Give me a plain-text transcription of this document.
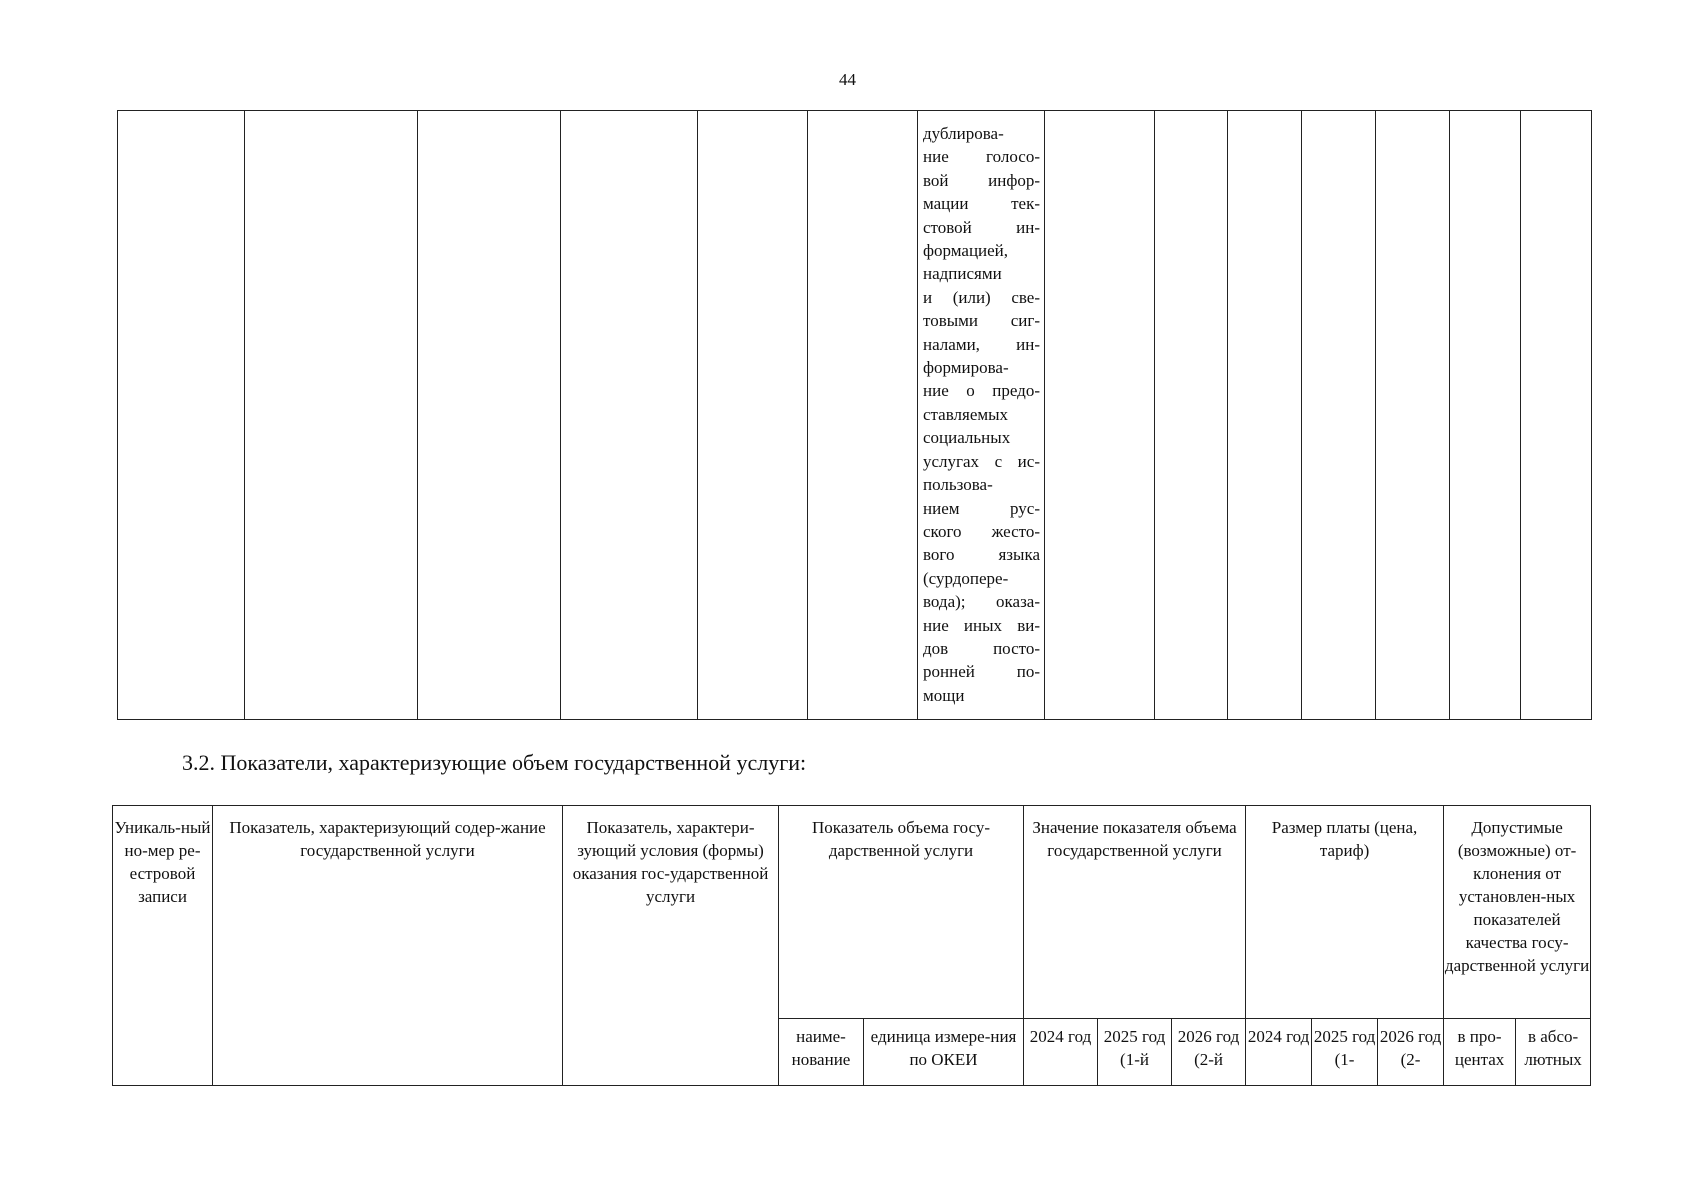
44

дублирова-
ние голосо-
вой инфор-
мации тек-
стовой ин-
формацией,
надписями
и (или) све-
товыми сиг-
налами, ин-
формирова-
ние о предо-
ставляемых
социальных
услугах с ис-
пользова-
нием рус-
ского жесто-
вого языка
(сурдопере-
вода); оказа-
ние иных ви-
дов посто-
ронней по-
мощи

3.2. Показатели, характеризующие объем государственной услуги:
Уникаль-ный но-мер ре-естровой записи	Показатель, характеризующий содер-жание государственной услуги	Показатель, характери-зующий условия (формы) оказания гос-ударственной услуги	Показатель объема госу-дарственной услуги		Значение показателя объема государственной услуги			Размер платы (цена, тариф)			Допустимые (возможные) от-клонения от установлен-ных показателей качества госу-дарственной услуги	
			наиме-нование	единица измере-ния по ОКЕИ	2024 год	2025 год (1-й	2026 год (2-й	2024 год	2025 год (1-	2026 год (2-	в про-центах	в абсо-лютных
